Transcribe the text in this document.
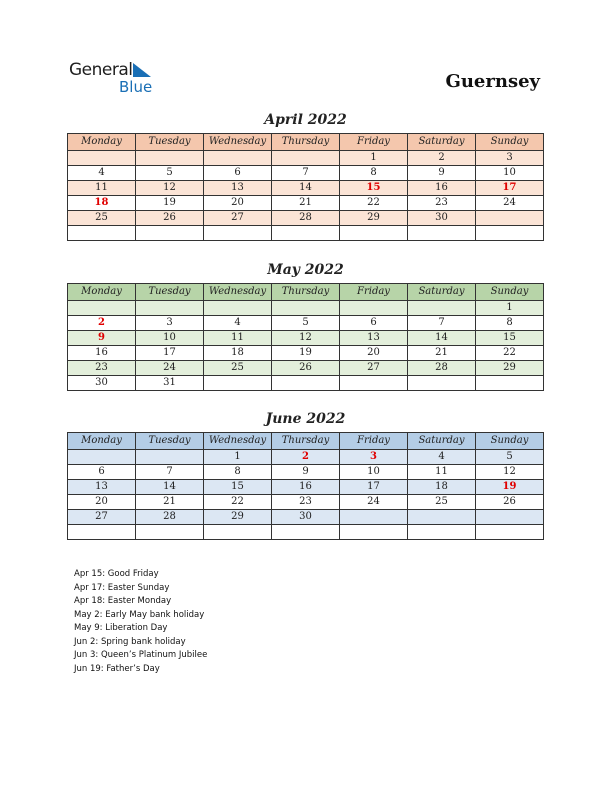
General
Blue	Guernsey
April 2022
Monday	Tuesday	Wednesday	Thursday	Friday	Saturday	Sunday
				1	2	3
4	5	6	7	8	9	10
11	12	13	14	15	16	17
18	19	20	21	22	23	24
25	26	27	28	29	30	

May 2022
Monday	Tuesday	Wednesday	Thursday	Friday	Saturday	Sunday
						1
2	3	4	5	6	7	8
9	10	11	12	13	14	15
16	17	18	19	20	21	22
23	24	25	26	27	28	29
30	31					
June 2022
Monday	Tuesday	Wednesday	Thursday	Friday	Saturday	Sunday
		1	2	3	4	5
6	7	8	9	10	11	12
13	14	15	16	17	18	19
20	21	22	23	24	25	26
27	28	29	30			

Apr 15: Good Friday
Apr 17: Easter Sunday
Apr 18: Easter Monday
May 2: Early May bank holiday
May 9: Liberation Day
Jun 2: Spring bank holiday
Jun 3: Queen’s Platinum Jubilee
Jun 19: Father’s Day
